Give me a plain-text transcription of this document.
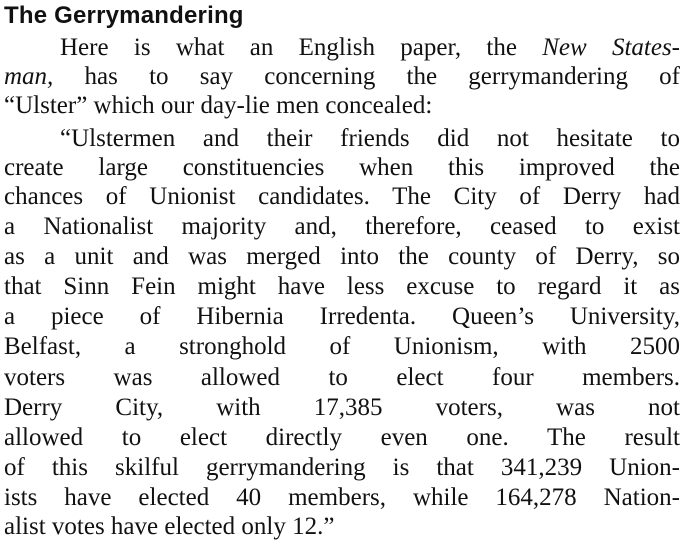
The Gerrymandering
Here is what an English paper, the New States-
man, has to say concerning the gerrymandering of
“Ulster” which our day-lie men concealed:
“Ulstermen and their friends did not hesitate to
create large constituencies when this improved the
chances of Unionist candidates. The City of Derry had
a Nationalist majority and, therefore, ceased to exist
as a unit and was merged into the county of Derry, so
that Sinn Fein might have less excuse to regard it as
a piece of Hibernia Irredenta. Queen’s University,
Belfast, a stronghold of Unionism, with 2500
voters was allowed to elect four members.
Derry City, with 17,385 voters, was not
allowed to elect directly even one. The result
of this skilful gerrymandering is that 341,239 Union-
ists have elected 40 members, while 164,278 Nation-
alist votes have elected only 12.”
